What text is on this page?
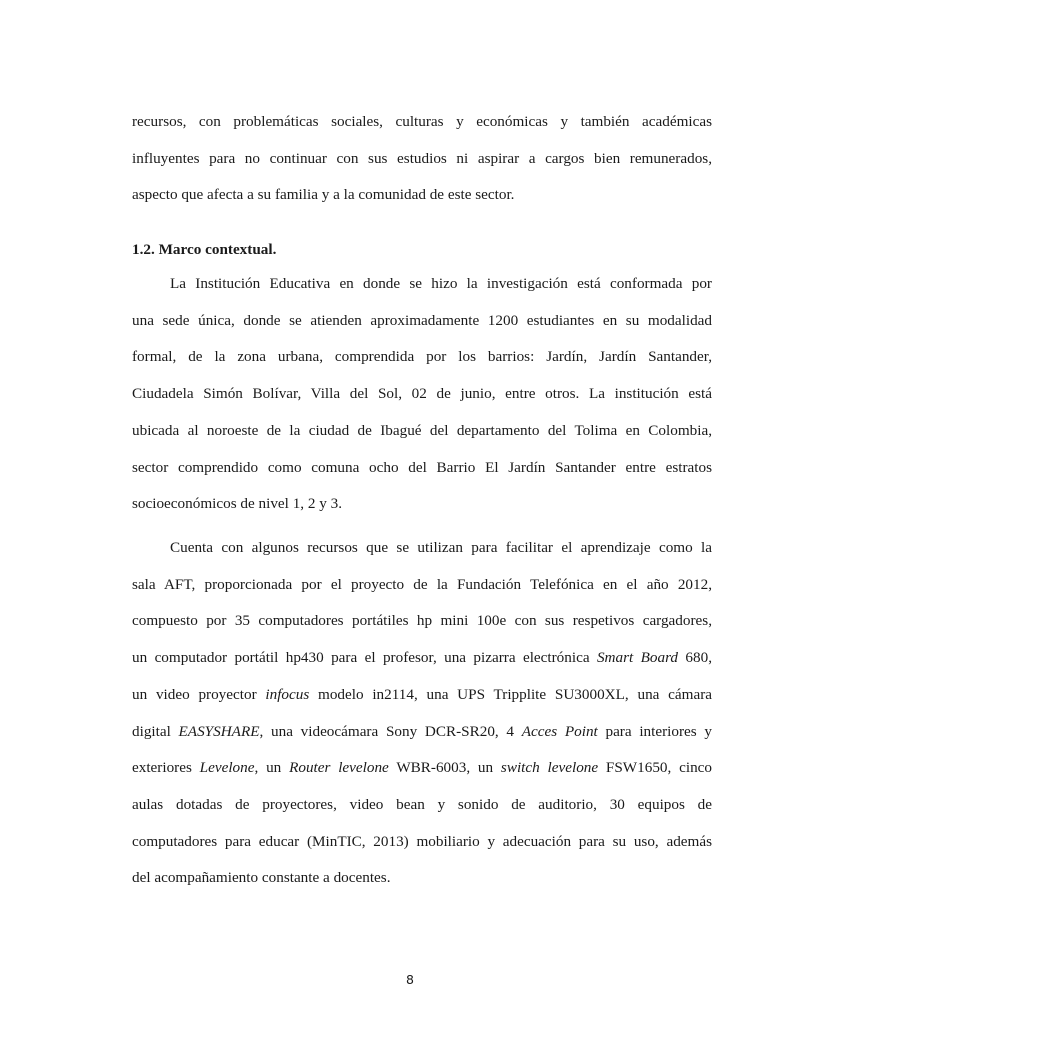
recursos, con problemáticas sociales, culturas y económicas y también académicas
influyentes para no continuar con sus estudios ni aspirar a cargos bien remunerados,
aspecto que afecta a su familia y a la comunidad de este sector.
1.2. Marco contextual.
La Institución Educativa en donde se hizo la investigación está conformada por
una sede única, donde se atienden aproximadamente 1200 estudiantes en su modalidad
formal, de la zona urbana, comprendida por los barrios: Jardín, Jardín Santander,
Ciudadela Simón Bolívar, Villa del Sol, 02 de junio, entre otros. La institución está
ubicada al noroeste de la ciudad de Ibagué del departamento del Tolima en Colombia,
sector comprendido como comuna ocho del Barrio El Jardín Santander entre estratos
socioeconómicos de nivel 1, 2 y 3.
Cuenta con algunos recursos que se utilizan para facilitar el aprendizaje como la
sala AFT, proporcionada por el proyecto de la Fundación Telefónica en el año 2012,
compuesto por 35 computadores portátiles hp mini 100e con sus respetivos cargadores,
un computador portátil hp430 para el profesor, una pizarra electrónica Smart Board 680,
un video proyector infocus modelo in2114, una UPS Tripplite SU3000XL, una cámara
digital EASYSHARE, una videocámara Sony DCR-SR20, 4 Acces Point para interiores y
exteriores Levelone, un Router levelone WBR-6003, un switch levelone FSW1650, cinco
aulas dotadas de proyectores, video bean y sonido de auditorio, 30 equipos de
computadores para educar (MinTIC, 2013) mobiliario y adecuación para su uso, además
del acompañamiento constante a docentes.
8
